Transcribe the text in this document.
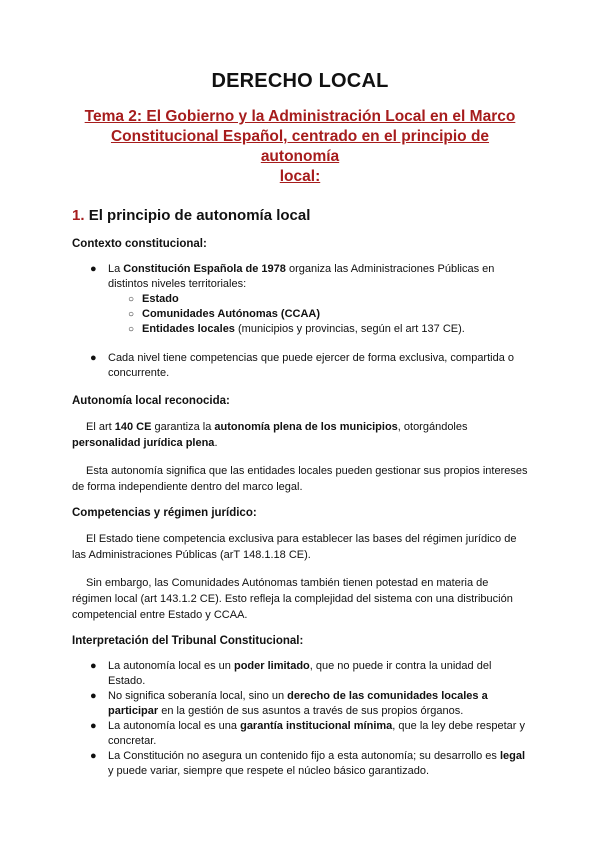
DERECHO LOCAL
Tema 2: El Gobierno y la Administración Local en el Marco
Constitucional Español, centrado en el principio de autonomía
local:
1. El principio de autonomía local
Contexto constitucional:
● La Constitución Española de 1978 organiza las Administraciones Públicas en distintos niveles territoriales:
○ Estado
○ Comunidades Autónomas (CCAA)
○ Entidades locales (municipios y provincias, según el art 137 CE).
● Cada nivel tiene competencias que puede ejercer de forma exclusiva, compartida o concurrente.
Autonomía local reconocida:

El art 140 CE garantiza la autonomía plena de los municipios, otorgándoles personalidad jurídica plena.

Esta autonomía significa que las entidades locales pueden gestionar sus propios intereses de forma independiente dentro del marco legal.

Competencias y régimen jurídico:

El Estado tiene competencia exclusiva para establecer las bases del régimen jurídico de las Administraciones Públicas (arT 148.1.18 CE).

Sin embargo, las Comunidades Autónomas también tienen potestad en materia de régimen local (art 143.1.2 CE). Esto refleja la complejidad del sistema con una distribución competencial entre Estado y CCAA.

Interpretación del Tribunal Constitucional:
● La autonomía local es un poder limitado, que no puede ir contra la unidad del Estado.
● No significa soberanía local, sino un derecho de las comunidades locales a participar en la gestión de sus asuntos a través de sus propios órganos.
● La autonomía local es una garantía institucional mínima, que la ley debe respetar y concretar.
● La Constitución no asegura un contenido fijo a esta autonomía; su desarrollo es legal y puede variar, siempre que respete el núcleo básico garantizado.
